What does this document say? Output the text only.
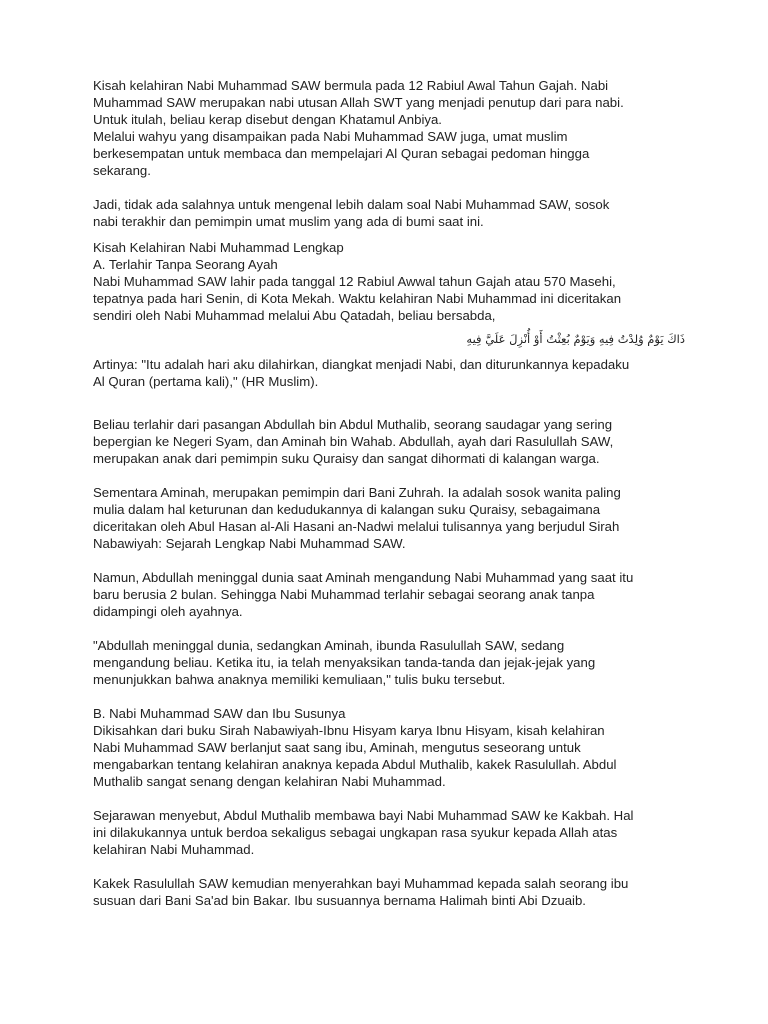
Kisah kelahiran Nabi Muhammad SAW bermula pada 12 Rabiul Awal Tahun Gajah. Nabi
Muhammad SAW merupakan nabi utusan Allah SWT yang menjadi penutup dari para nabi.
Untuk itulah, beliau kerap disebut dengan Khatamul Anbiya.
Melalui wahyu yang disampaikan pada Nabi Muhammad SAW juga, umat muslim
berkesempatan untuk membaca dan mempelajari Al Quran sebagai pedoman hingga
sekarang.

Jadi, tidak ada salahnya untuk mengenal lebih dalam soal Nabi Muhammad SAW, sosok
nabi terakhir dan pemimpin umat muslim yang ada di bumi saat ini.

Kisah Kelahiran Nabi Muhammad Lengkap

A. Terlahir Tanpa Seorang Ayah

Nabi Muhammad SAW lahir pada tanggal 12 Rabiul Awwal tahun Gajah atau 570 Masehi,
tepatnya pada hari Senin, di Kota Mekah. Waktu kelahiran Nabi Muhammad ini diceritakan
sendiri oleh Nabi Muhammad melalui Abu Qatadah, beliau bersabda,

ذَاكَ يَوْمٌ وُلِدْتُ فِيهِ وَيَوْمٌ بُعِثْتُ أَوْ أُنْزِلَ عَلَيَّ فِيهِ

Artinya: "Itu adalah hari aku dilahirkan, diangkat menjadi Nabi, dan diturunkannya kepadaku
Al Quran (pertama kali)," (HR Muslim).

Beliau terlahir dari pasangan Abdullah bin Abdul Muthalib, seorang saudagar yang sering
bepergian ke Negeri Syam, dan Aminah bin Wahab. Abdullah, ayah dari Rasulullah SAW,
merupakan anak dari pemimpin suku Quraisy dan sangat dihormati di kalangan warga.

Sementara Aminah, merupakan pemimpin dari Bani Zuhrah. Ia adalah sosok wanita paling
mulia dalam hal keturunan dan kedudukannya di kalangan suku Quraisy, sebagaimana
diceritakan oleh Abul Hasan al-Ali Hasani an-Nadwi melalui tulisannya yang berjudul Sirah
Nabawiyah: Sejarah Lengkap Nabi Muhammad SAW.

Namun, Abdullah meninggal dunia saat Aminah mengandung Nabi Muhammad yang saat itu
baru berusia 2 bulan. Sehingga Nabi Muhammad terlahir sebagai seorang anak tanpa
didampingi oleh ayahnya.

"Abdullah meninggal dunia, sedangkan Aminah, ibunda Rasulullah SAW, sedang
mengandung beliau. Ketika itu, ia telah menyaksikan tanda-tanda dan jejak-jejak yang
menunjukkan bahwa anaknya memiliki kemuliaan," tulis buku tersebut.

B. Nabi Muhammad SAW dan Ibu Susunya

Dikisahkan dari buku Sirah Nabawiyah-Ibnu Hisyam karya Ibnu Hisyam, kisah kelahiran
Nabi Muhammad SAW berlanjut saat sang ibu, Aminah, mengutus seseorang untuk
mengabarkan tentang kelahiran anaknya kepada Abdul Muthalib, kakek Rasulullah. Abdul
Muthalib sangat senang dengan kelahiran Nabi Muhammad.

Sejarawan menyebut, Abdul Muthalib membawa bayi Nabi Muhammad SAW ke Kakbah. Hal
ini dilakukannya untuk berdoa sekaligus sebagai ungkapan rasa syukur kepada Allah atas
kelahiran Nabi Muhammad.

Kakek Rasulullah SAW kemudian menyerahkan bayi Muhammad kepada salah seorang ibu
susuan dari Bani Sa'ad bin Bakar. Ibu susuannya bernama Halimah binti Abi Dzuaib.
